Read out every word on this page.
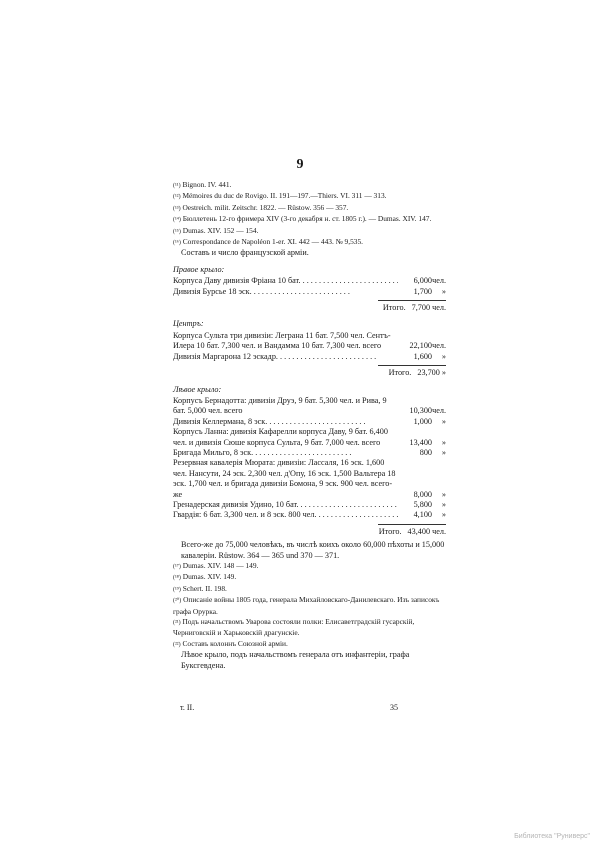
9

(¹¹) Bignon. IV. 441.

(¹²) Mémoires du duc de Rovigo. II. 191—197.—Thiers. VI. 311 — 313.

(¹³) Oestreich. milit. Zeitschr. 1822. — Rüstow. 356 — 357.

(¹⁴) Бюллетень 12-го фримера XIV (3-го декабря н. ст. 1805 г.). — Dumas. XIV. 147.

(¹⁵) Dumas. XIV. 152 — 154.

(¹⁶) Correspondance de Napoléon 1-er. XI. 442 — 443. № 9,535.

Составъ и число французской арміи.

Правое крыло:

Корпуса Даву дивизія Фріана 10 бат. . . .	6,000 чел.
Дивизія Бурсье 18 эск. . . .	1,700	»
Итого. 7,700 чел.

Центръ:

Корпуса Сульта три дивизіи: Леграна 11 бат. 7,500 чел. Сентъ-Илера 10 бат. 7,300 чел. и Вандамма 10 бат. 7,300 чел. всего	22,100 чел.
Дивизія Маргарона 12 эскадр. . . .	1,600	»
Итого. 23,700 »

Лѣвое крыло:

Корпусъ Бернадотта: дивизіи Друэ, 9 бат. 5,300 чел. и Рива, 9 бат. 5,000 чел. всего	10,300 чел.
Дивизія Келлермана, 8 эск. . . .	1,000	»
Корпусъ Ланна: дивизія Кафарелли корпуса Даву, 9 бат. 6,400 чел. и дивизія Сюше корпуса Сульта, 9 бат. 7,000 чел. всего	13,400	»
Бригада Мильго, 8 эск. . . .	800	»
Резервная кавалерія Мюрата: дивизіи: Лассаля, 16 эск. 1,600 чел. Нансути, 24 эск. 2,300 чел. д'Опу, 16 эск. 1,500 Вальтера 18 эск. 1,700 чел. и бригада дивизіи Бомона, 9 эск. 900 чел. всего-же	8,000	»
Гренадерская дивизія Удино, 10 бат. . . .	5,800	»
Гвардія: 6 бат. 3,300 чел. и 8 эск. 800 чел. . . .	4,100	»
Итого. 43,400 чел.

Всего-же до 75,000 человѣкъ, въ числѣ коихъ около 60,000 пѣхоты и 15,000 кавалеріи. Rüstow. 364 — 365 und 370 — 371.

(¹⁷) Dumas. XIV. 148 — 149.

(¹⁸) Dumas. XIV. 149.

(¹⁹) Schert. II. 198.

(²⁰) Описаніе войны 1805 года, генерала Михайловскаго-Данилевскаго. Изъ записокъ графа Орурка.

(²¹) Подъ начальствомъ Уварова состояли полки: Елисаветградскій гусарскій, Черниговскій и Харьковскій драгунскіе.

(²²) Составъ колоннъ Союзной арміи.

Лѣвое крыло, подъ начальствомъ генерала отъ инфантеріи, графа Буксгевдена.

т. II.	35
Библиотека "Руниверс"
